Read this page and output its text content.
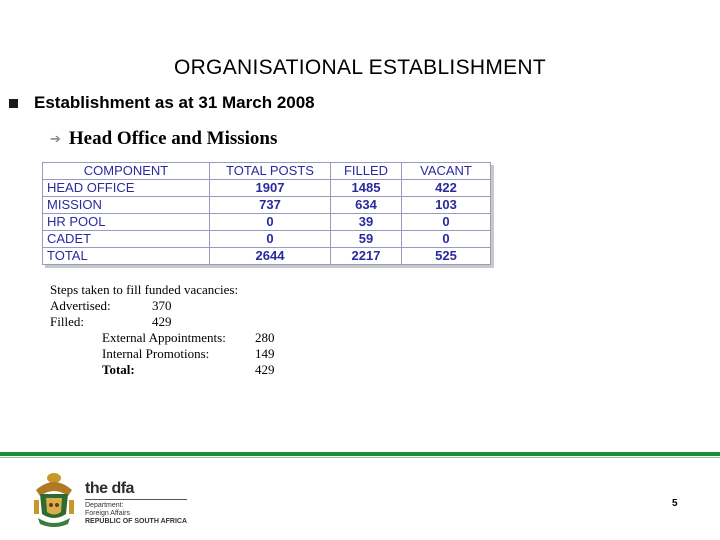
ORGANISATIONAL ESTABLISHMENT
Establishment as at 31 March 2008
➔ Head Office and Missions
COMPONENT	TOTAL POSTS	FILLED	VACANT
HEAD OFFICE	1907	1485	422
MISSION	737	634	103
HR POOL	0	39	0
CADET	0	59	0
TOTAL	2644	2217	525
Steps taken to fill funded vacancies:
Advertised:	370
Filled:	429
External Appointments: 280
Internal Promotions:	149
Total:	429
the dfa
Department:
Foreign Affairs
REPUBLIC OF SOUTH AFRICA
5
